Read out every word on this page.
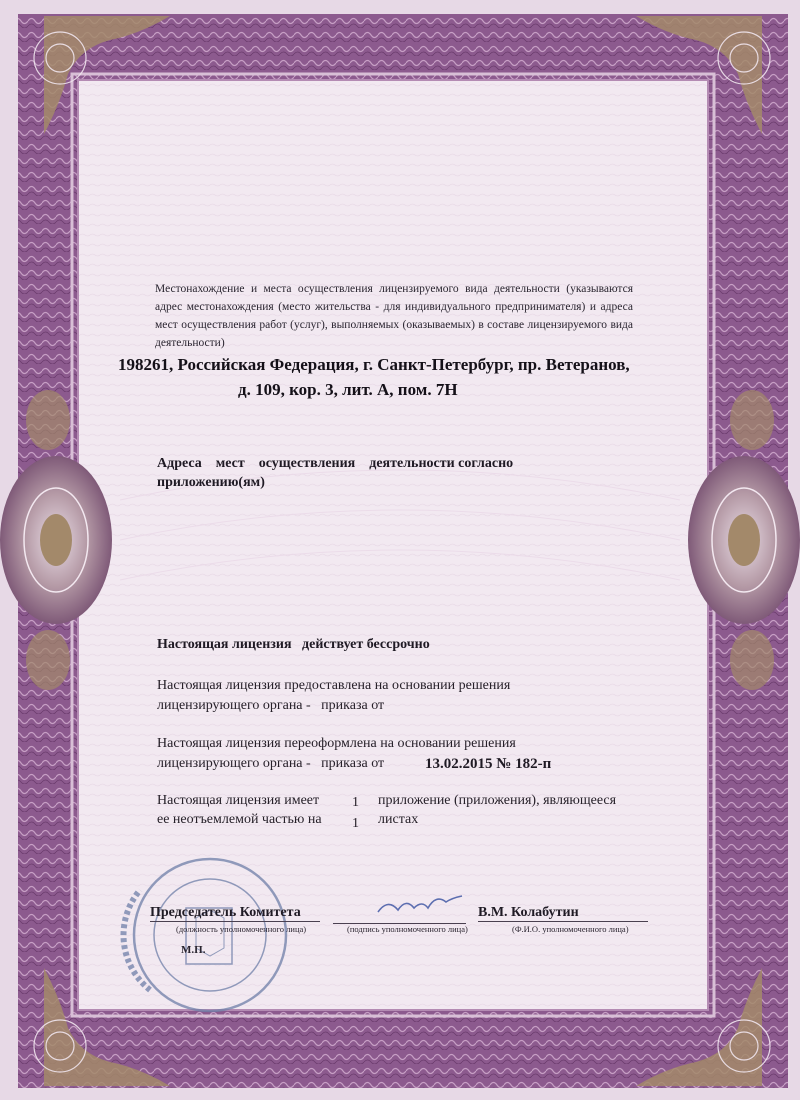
Местонахождение и места осуществления лицензируемого вида деятельности (указываются адрес местонахождения (место жительства - для индивидуального предпринимателя) и адреса мест осуществления работ (услуг), выполняемых (оказываемых) в составе лицензируемого вида деятельности)
198261, Российская Федерация, г. Санкт-Петербург, пр. Ветеранов,
д. 109, кор. 3, лит. А, пом. 7Н
Адреса    мест    осуществления    деятельности согласно
приложению(ям)
Настоящая лицензия   действует бессрочно
Настоящая лицензия предоставлена на основании решения
лицензирующего органа -   приказа от
Настоящая лицензия переоформлена на основании решения
лицензирующего органа -   приказа от	13.02.2015 № 182-п
Настоящая лицензия имеет 1 приложение (приложения), являющееся
ее неотъемлемой частью на 1 листах
Председатель Комитета	В.М. Колабутин
(должность уполномоченного лица)	(подпись уполномоченного лица)	(Ф.И.О. уполномоченного лица)
М.П.
